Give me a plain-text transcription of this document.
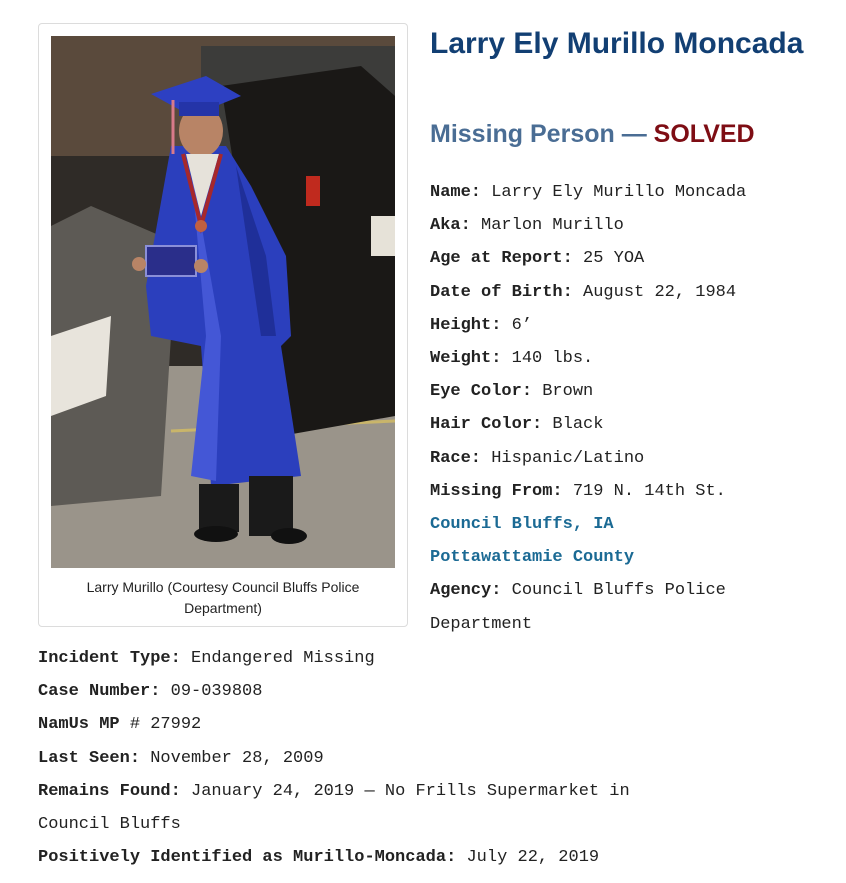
Larry Murillo (Courtesy Council Bluffs Police Department)
Larry Ely Murillo Moncada
Missing Person — SOLVED
Name: Larry Ely Murillo Moncada
Aka: Marlon Murillo
Age at Report: 25 YOA
Date of Birth: August 22, 1984
Height: 6’
Weight: 140 lbs.
Eye Color: Brown
Hair Color: Black
Race: Hispanic/Latino
Missing From: 719 N. 14th St.
Council Bluffs, IA
Pottawattamie County
Agency: Council Bluffs Police
Department
Incident Type: Endangered Missing
Case Number: 09-039808
NamUs MP # 27992
Last Seen: November 28, 2009
Remains Found: January 24, 2019 — No Frills Supermarket in
Council Bluffs
Positively Identified as Murillo-Moncada: July 22, 2019
